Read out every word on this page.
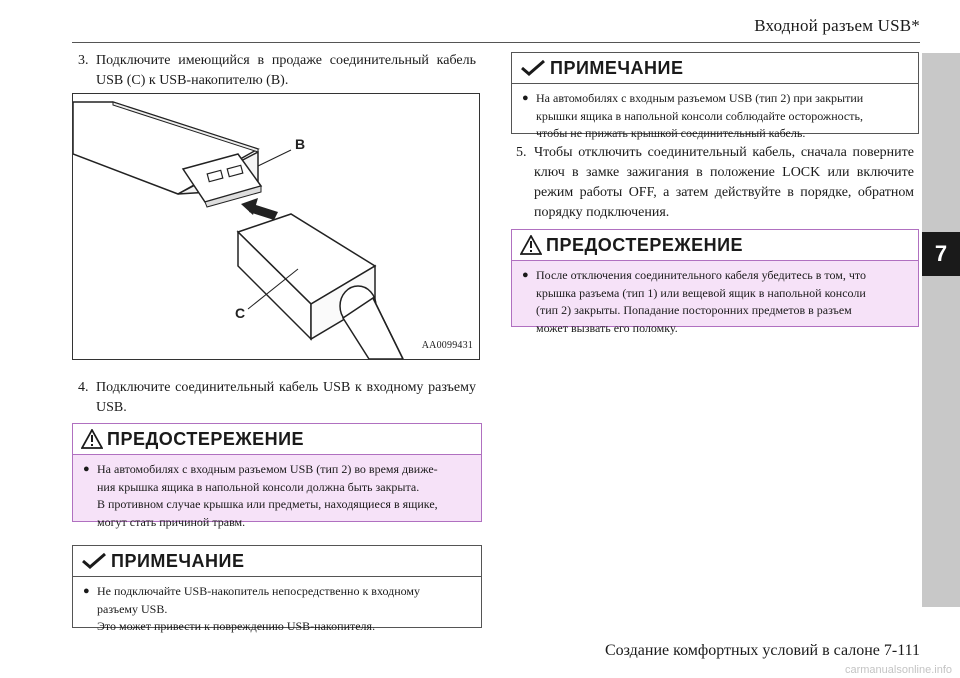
Входной разъем USB*
7
3. Подключите имеющийся в продаже соединительный кабель USB (C) к USB-накопителю (B).
B
C
AA0099431
4. Подключите соединительный кабель USB к входному разъему USB.
ПРЕДОСТЕРЕЖЕНИЕ
● На автомобилях с входным разъемом USB (тип 2) во время движе-
ния крышка ящика в напольной консоли должна быть закрыта.
В противном случае крышка или предметы, находящиеся в ящике,
могут стать причиной травм.
ПРИМЕЧАНИЕ
● Не подключайте USB-накопитель непосредственно к входному
разъему USB.
Это может привести к повреждению USB-накопителя.
ПРИМЕЧАНИЕ
● На автомобилях с входным разъемом USB (тип 2) при закрытии
крышки ящика в напольной консоли соблюдайте осторожность,
чтобы не прижать крышкой соединительный кабель.
5. Чтобы отключить соединительный кабель, сначала поверните ключ в замке зажигания в положение LOCK или включите режим работы OFF, а затем действуйте в порядке, обратном порядку подключения.
ПРЕДОСТЕРЕЖЕНИЕ
● После отключения соединительного кабеля убедитесь в том, что
крышка разъема (тип 1) или вещевой ящик в напольной консоли
(тип 2) закрыты. Попадание посторонних предметов в разъем
может вызвать его поломку.
Создание комфортных условий в салоне 7-111
carmanualsonline.info
